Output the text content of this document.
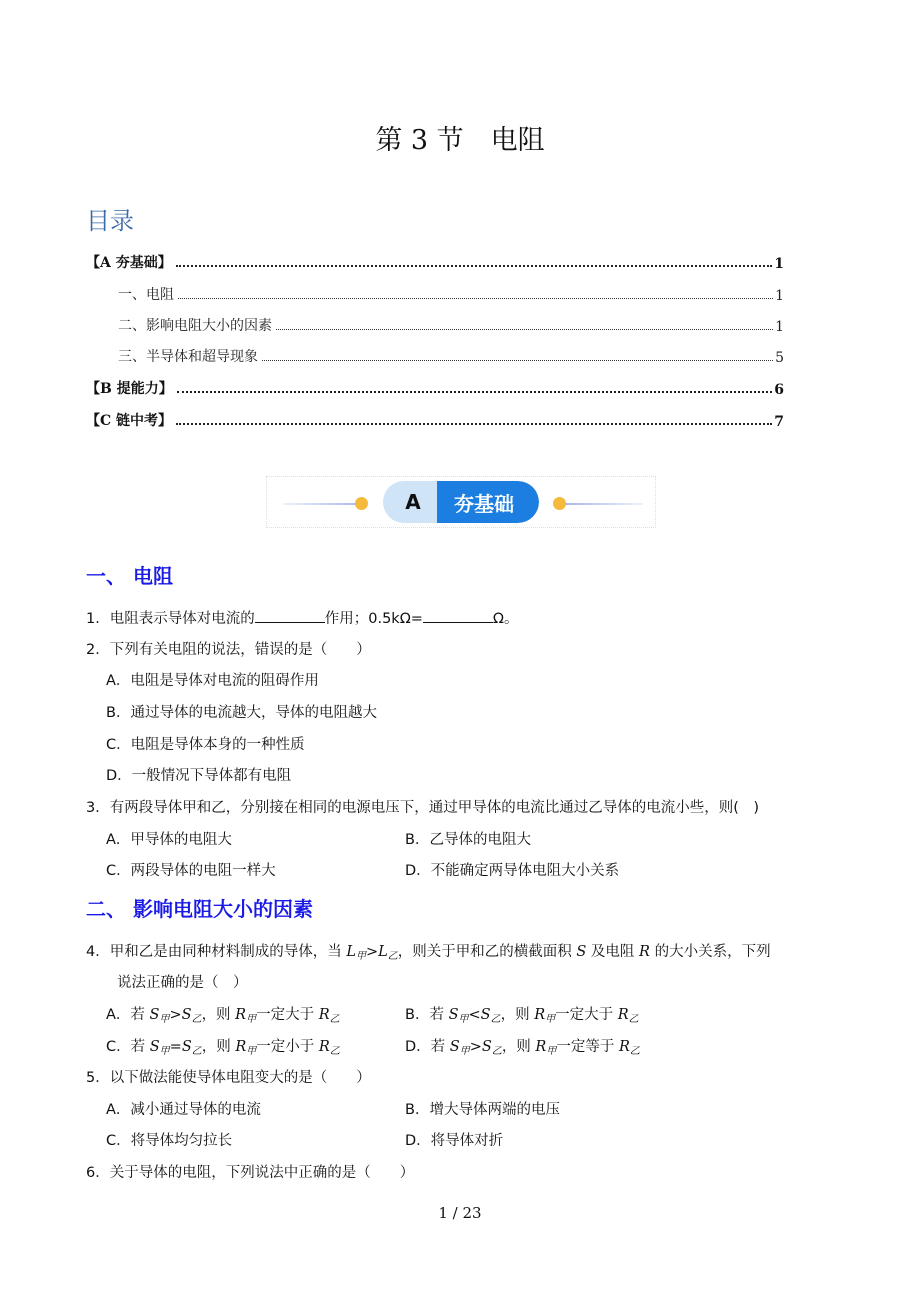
第 3 节　电阻
目录
【A 夯基础】	1
一、电阻	1
二、影响电阻大小的因素	1
三、半导体和超导现象	5
【B 提能力】	6
【C 链中考】	7
A	夯基础
一、 电阻
1．电阻表示导体对电流的	作用；0.5kΩ=	Ω。
2．下列有关电阻的说法，错误的是（　　）
A．电阻是导体对电流的阻碍作用
B．通过导体的电流越大，导体的电阻越大
C．电阻是导体本身的一种性质
D．一般情况下导体都有电阻
3．有两段导体甲和乙，分别接在相同的电源电压下，通过甲导体的电流比通过乙导体的电流小些，则(　)
A．甲导体的电阻大	B．乙导体的电阻大
C．两段导体的电阻一样大	D．不能确定两导体电阻大小关系
二、 影响电阻大小的因素
4．甲和乙是由同种材料制成的导体，当 $L_甲>L_乙$，则关于甲和乙的横截面积 S 及电阻 R 的大小关系，下列
说法正确的是（　）
A．若 $S_甲>S_乙$，则 $R_甲$一定大于 $R_乙$	B．若 $S_甲<S_乙$，则 $R_甲$一定大于 $R_乙$
C．若 $S_甲=S_乙$，则 $R_甲$一定小于 $R_乙$	D．若 $S_甲>S_乙$，则 $R_甲$一定等于 $R_乙$
5．以下做法能使导体电阻变大的是（　　）
A．减小通过导体的电流	B．增大导体两端的电压
C．将导体均匀拉长	D．将导体对折
6．关于导体的电阻，下列说法中正确的是（　　）
1 / 23
